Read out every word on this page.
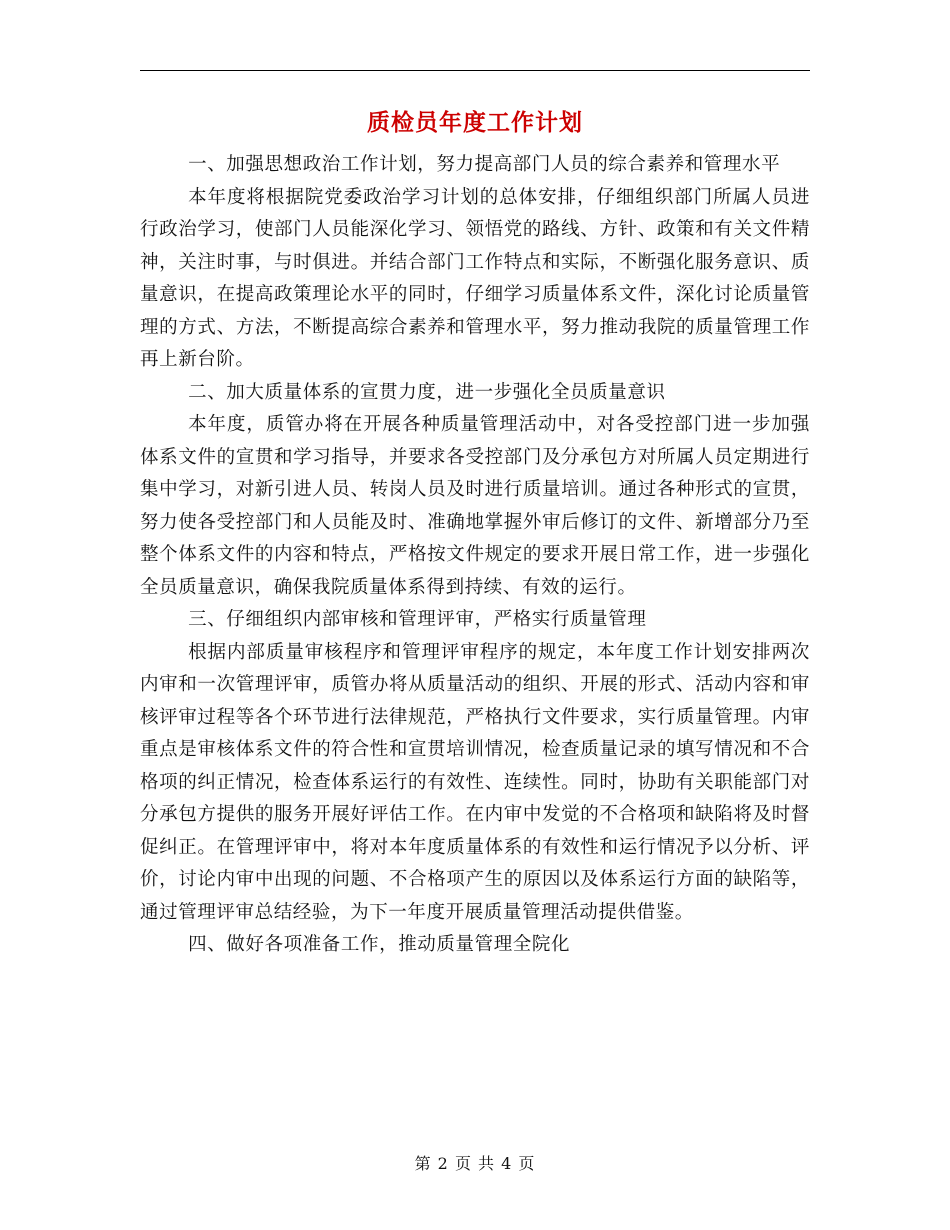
质检员年度工作计划

一、加强思想政治工作计划，努力提高部门人员的综合素养和管理水平

本年度将根据院党委政治学习计划的总体安排，仔细组织部门所属人员进行政治学习，使部门人员能深化学习、领悟党的路线、方针、政策和有关文件精神，关注时事，与时俱进。并结合部门工作特点和实际，不断强化服务意识、质量意识，在提高政策理论水平的同时，仔细学习质量体系文件，深化讨论质量管理的方式、方法，不断提高综合素养和管理水平，努力推动我院的质量管理工作再上新台阶。

二、加大质量体系的宣贯力度，进一步强化全员质量意识

本年度，质管办将在开展各种质量管理活动中，对各受控部门进一步加强体系文件的宣贯和学习指导，并要求各受控部门及分承包方对所属人员定期进行集中学习，对新引进人员、转岗人员及时进行质量培训。通过各种形式的宣贯，努力使各受控部门和人员能及时、准确地掌握外审后修订的文件、新增部分乃至整个体系文件的内容和特点，严格按文件规定的要求开展日常工作，进一步强化全员质量意识，确保我院质量体系得到持续、有效的运行。

三、仔细组织内部审核和管理评审，严格实行质量管理

根据内部质量审核程序和管理评审程序的规定，本年度工作计划安排两次内审和一次管理评审，质管办将从质量活动的组织、开展的形式、活动内容和审核评审过程等各个环节进行法律规范，严格执行文件要求，实行质量管理。内审重点是审核体系文件的符合性和宣贯培训情况，检查质量记录的填写情况和不合格项的纠正情况，检查体系运行的有效性、连续性。同时，协助有关职能部门对分承包方提供的服务开展好评估工作。在内审中发觉的不合格项和缺陷将及时督促纠正。在管理评审中，将对本年度质量体系的有效性和运行情况予以分析、评价，讨论内审中出现的问题、不合格项产生的原因以及体系运行方面的缺陷等，通过管理评审总结经验，为下一年度开展质量管理活动提供借鉴。

四、做好各项准备工作，推动质量管理全院化

第 2 页 共 4 页
